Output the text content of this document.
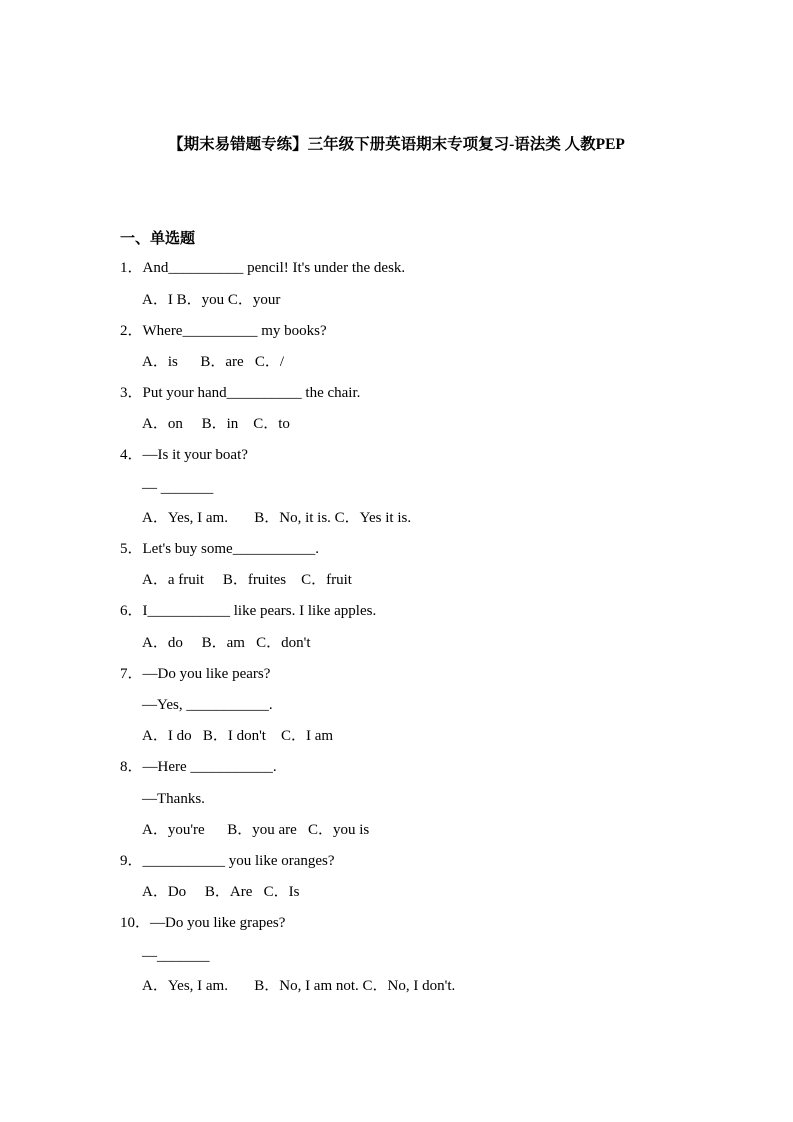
【期末易错题专练】三年级下册英语期末专项复习-语法类 人教PEP
一、单选题
1．And__________ pencil! It's under the desk.
A．I B．you C．your
2．Where__________ my books?
A．is      B．are   C．/
3．Put your hand__________ the chair.
A．on     B．in    C．to
4．—Is it your boat?
— _______
A．Yes, I am.       B．No, it is. C．Yes it is.
5．Let's buy some___________.
A．a fruit     B．fruites    C．fruit
6．I___________ like pears. I like apples.
A．do     B．am   C．don't
7．—Do you like pears?
—Yes, ___________.
A．I do   B．I don't    C．I am
8．—Here ___________.
—Thanks.
A．you're      B．you are   C．you is
9．___________ you like oranges?
A．Do     B．Are   C．Is
10．—Do you like grapes?
—_______
A．Yes, I am.       B．No, I am not. C．No, I don't.
